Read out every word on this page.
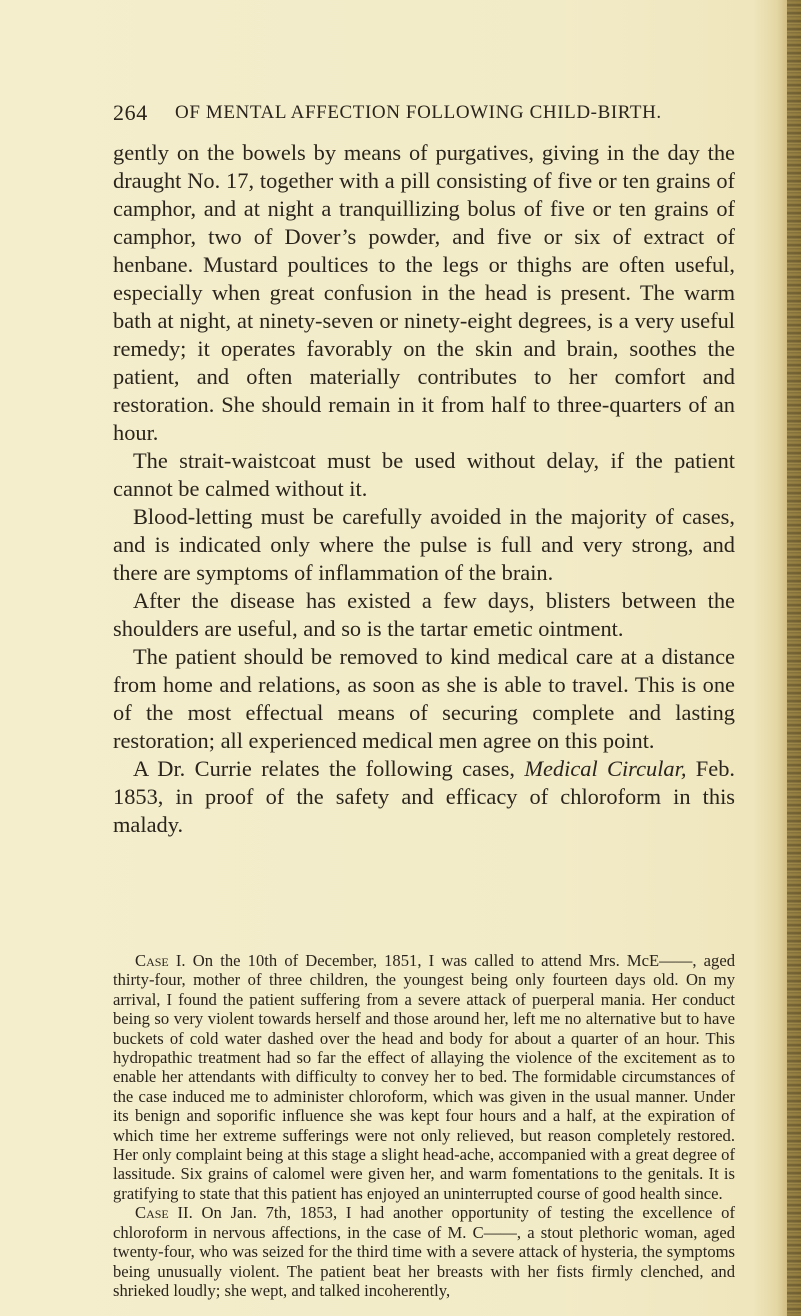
264 OF MENTAL AFFECTION FOLLOWING CHILD-BIRTH.

gently on the bowels by means of purgatives, giving in the day the draught No. 17, together with a pill consisting of five or ten grains of camphor, and at night a tranquillizing bolus of five or ten grains of camphor, two of Dover’s powder, and five or six of extract of henbane. Mustard poultices to the legs or thighs are often useful, especially when great confusion in the head is present. The warm bath at night, at ninety-seven or ninety-eight degrees, is a very useful remedy; it operates favorably on the skin and brain, soothes the patient, and often materially contributes to her comfort and restoration. She should remain in it from half to three-quarters of an hour.

The strait-waistcoat must be used without delay, if the patient cannot be calmed without it.

Blood-letting must be carefully avoided in the majority of cases, and is indicated only where the pulse is full and very strong, and there are symptoms of inflammation of the brain.

After the disease has existed a few days, blisters between the shoulders are useful, and so is the tartar emetic ointment.

The patient should be removed to kind medical care at a distance from home and relations, as soon as she is able to travel. This is one of the most effectual means of securing complete and lasting restoration; all experienced medical men agree on this point.

A Dr. Currie relates the following cases, Medical Circular, Feb. 1853, in proof of the safety and efficacy of chloroform in this malady.

Case I. On the 10th of December, 1851, I was called to attend Mrs. McE——, aged thirty-four, mother of three children, the youngest being only fourteen days old. On my arrival, I found the patient suffering from a severe attack of puerperal mania. Her conduct being so very violent towards herself and those around her, left me no alternative but to have buckets of cold water dashed over the head and body for about a quarter of an hour. This hydropathic treatment had so far the effect of allaying the violence of the excitement as to enable her attendants with difficulty to convey her to bed. The formidable circumstances of the case induced me to administer chloroform, which was given in the usual manner. Under its benign and soporific influence she was kept four hours and a half, at the expiration of which time her extreme sufferings were not only relieved, but reason completely restored. Her only complaint being at this stage a slight head-ache, accompanied with a great degree of lassitude. Six grains of calomel were given her, and warm fomentations to the genitals. It is gratifying to state that this patient has enjoyed an uninterrupted course of good health since.

Case II. On Jan. 7th, 1853, I had another opportunity of testing the excellence of chloroform in nervous affections, in the case of M. C——, a stout plethoric woman, aged twenty-four, who was seized for the third time with a severe attack of hysteria, the symptoms being unusually violent. The patient beat her breasts with her fists firmly clenched, and shrieked loudly; she wept, and talked incoherently,
